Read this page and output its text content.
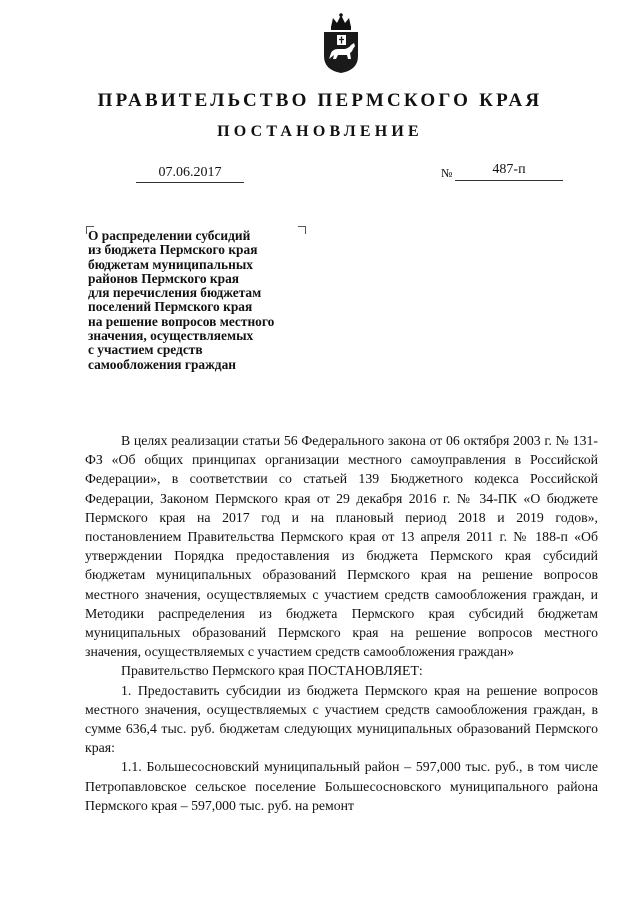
ПРАВИТЕЛЬСТВО ПЕРМСКОГО КРАЯ
ПОСТАНОВЛЕНИЕ
07.06.2017	№	487-п
О распределении субсидий
из бюджета Пермского края
бюджетам муниципальных
районов Пермского края
для перечисления бюджетам
поселений Пермского края
на решение вопросов местного
значения, осуществляемых
с участием средств
самообложения граждан

В целях реализации статьи 56 Федерального закона от 06 октября 2003 г. № 131-ФЗ «Об общих принципах организации местного самоуправления в Российской Федерации», в соответствии со статьей 139 Бюджетного кодекса Российской Федерации, Законом Пермского края от 29 декабря 2016 г. № 34-ПК «О бюджете Пермского края на 2017 год и на плановый период 2018 и 2019 годов», постановлением Правительства Пермского края от 13 апреля 2011 г. № 188-п «Об утверждении Порядка предоставления из бюджета Пермского края субсидий бюджетам муниципальных образований Пермского края на решение вопросов местного значения, осуществляемых с участием средств самообложения граждан, и Методики распределения из бюджета Пермского края субсидий бюджетам муниципальных образований Пермского края на решение вопросов местного значения, осуществляемых с участием средств самообложения граждан»

Правительство Пермского края ПОСТАНОВЛЯЕТ:

1. Предоставить субсидии из бюджета Пермского края на решение вопросов местного значения, осуществляемых с участием средств самообложения граждан, в сумме 636,4 тыс. руб. бюджетам следующих муниципальных образований Пермского края:

1.1. Большесосновский муниципальный район – 597,000 тыс. руб., в том числе Петропавловское сельское поселение Большесосновского муниципального района Пермского края – 597,000 тыс. руб. на ремонт
